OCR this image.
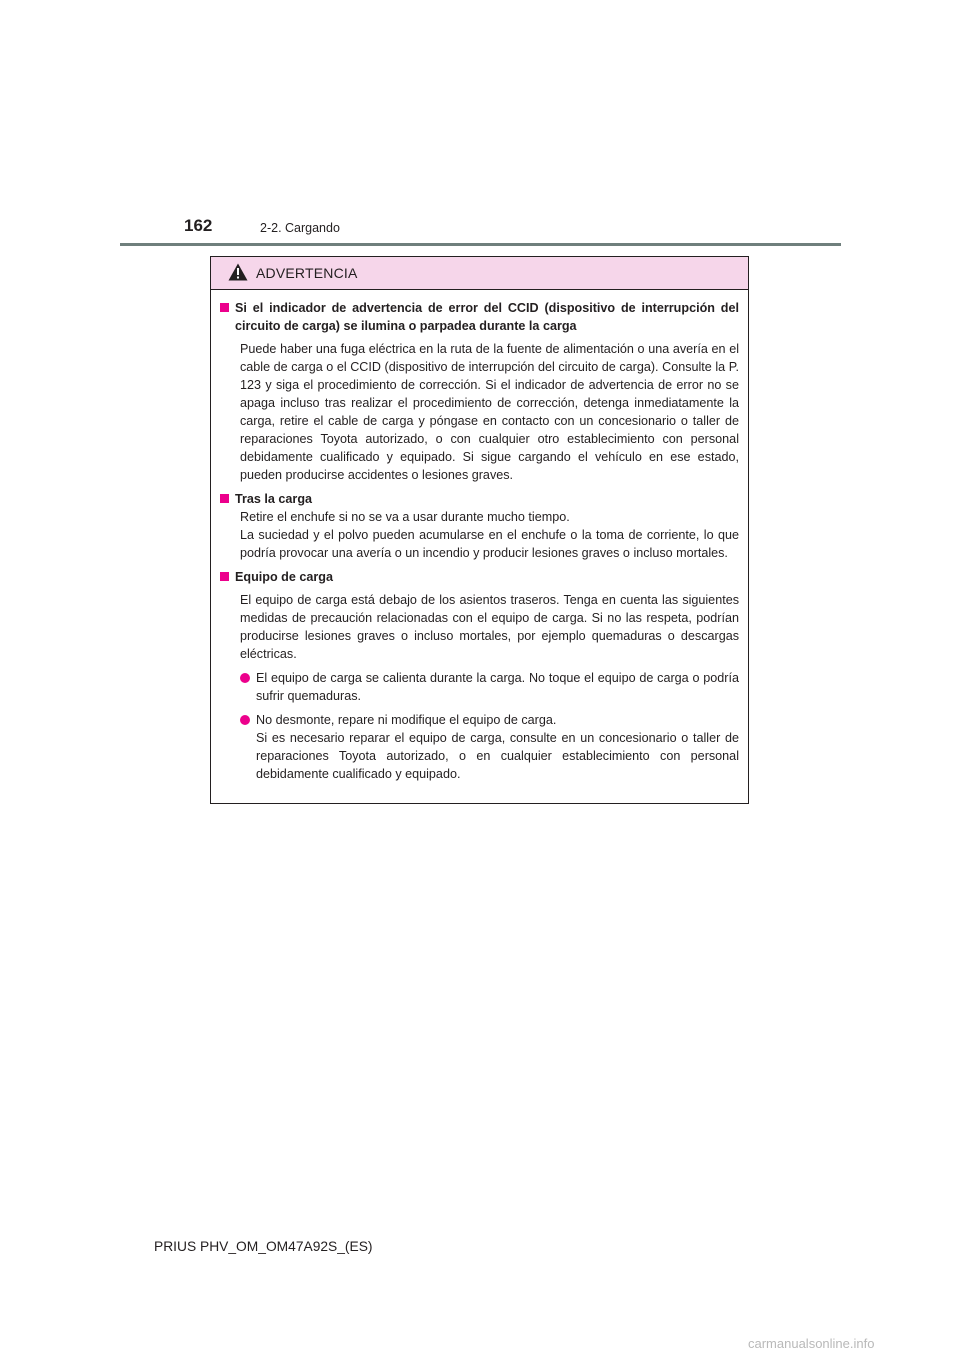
162	2-2. Cargando
ADVERTENCIA
Si el indicador de advertencia de error del CCID (dispositivo de interrupción del circuito de carga) se ilumina o parpadea durante la carga
Puede haber una fuga eléctrica en la ruta de la fuente de alimentación o una avería en el cable de carga o el CCID (dispositivo de interrupción del circuito de carga). Consulte la P. 123 y siga el procedimiento de corrección. Si el indicador de advertencia de error no se apaga incluso tras realizar el procedimiento de corrección, detenga inmediatamente la carga, retire el cable de carga y póngase en contacto con un concesionario o taller de reparaciones Toyota autorizado, o con cualquier otro establecimiento con personal debidamente cualificado y equipado. Si sigue cargando el vehículo en ese estado, pueden producirse accidentes o lesiones graves.
Tras la carga
Retire el enchufe si no se va a usar durante mucho tiempo.
La suciedad y el polvo pueden acumularse en el enchufe o la toma de corriente, lo que podría provocar una avería o un incendio y producir lesiones graves o incluso mortales.
Equipo de carga
El equipo de carga está debajo de los asientos traseros. Tenga en cuenta las siguientes medidas de precaución relacionadas con el equipo de carga. Si no las respeta, podrían producirse lesiones graves o incluso mortales, por ejemplo quemaduras o descargas eléctricas.
El equipo de carga se calienta durante la carga. No toque el equipo de carga o podría sufrir quemaduras.
No desmonte, repare ni modifique el equipo de carga.
Si es necesario reparar el equipo de carga, consulte en un concesionario o taller de reparaciones Toyota autorizado, o en cualquier establecimiento con personal debidamente cualificado y equipado.
PRIUS PHV_OM_OM47A92S_(ES)
carmanualsonline.info
